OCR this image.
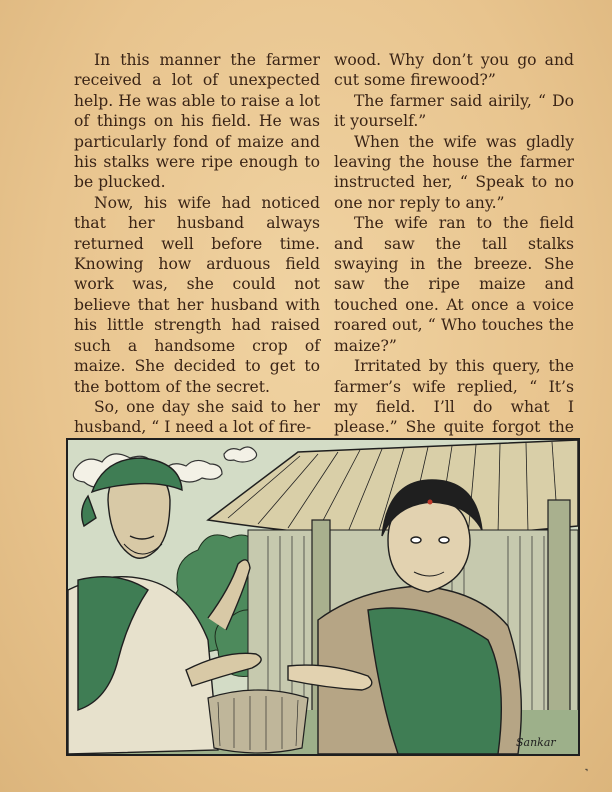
In this manner the farmer received a lot of unexpected help. He was able to raise a lot of things on his field. He was particularly fond of maize and his stalks were ripe enough to be plucked.

Now, his wife had noticed that her husband always returned well before time. Knowing how arduous field work was, she could not believe that her husband with his little strength had raised such a handsome crop of maize. She decided to get to the bottom of the secret.

So, one day she said to her husband, “ I need a lot of fire-

wood. Why don’t you go and cut some firewood?”

The farmer said airily, “ Do it yourself.”

When the wife was gladly leaving the house the farmer instructed her, “ Speak to no one nor reply to any.”

The wife ran to the field and saw the tall stalks swaying in the breeze. She saw the ripe maize and touched one. At once a voice roared out, “ Who touches the maize?”

Irritated by this query, the farmer’s wife replied, “ It’s my field. I’ll do what I please.” She quite forgot the

Sankar
˺
